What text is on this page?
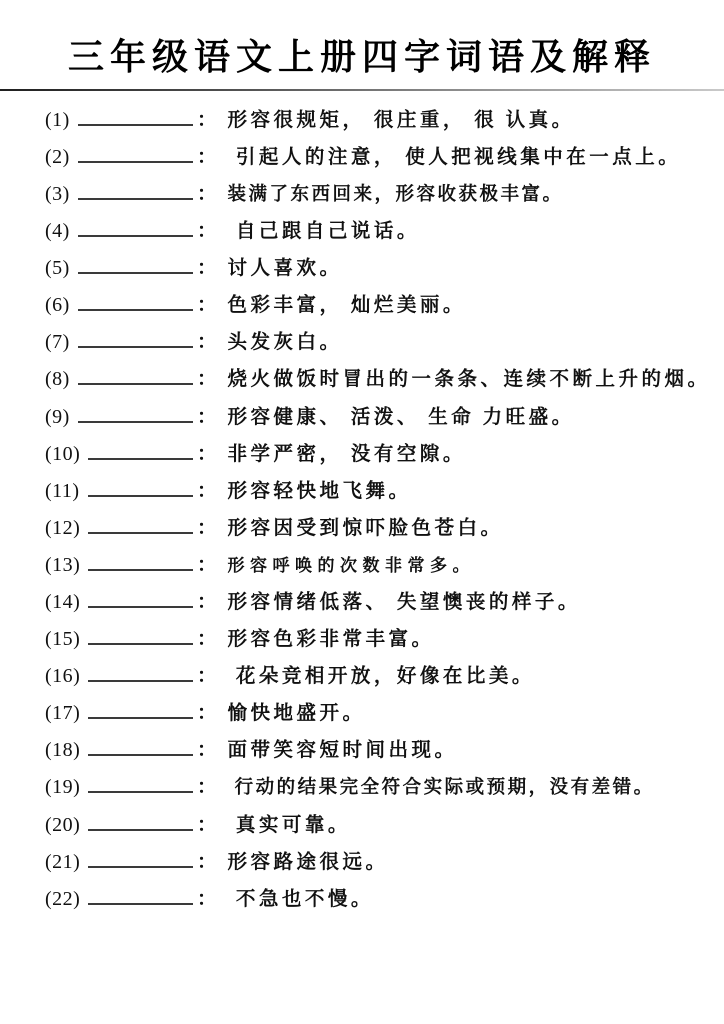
三年级语文上册四字词语及解释
(1)	： 形容很规矩， 很庄重， 很 认真。
(2)	： 引起人的注意， 使人把视线集中在一点上。
(3)	： 装满了东西回来，形容收获极丰富。
(4)	： 自己跟自己说话。
(5)	： 讨人喜欢。
(6)	： 色彩丰富， 灿烂美丽。
(7)	： 头发灰白。
(8)	： 烧火做饭时冒出的一条条、连续不断上升的烟。
(9)	： 形容健康、 活泼、 生命 力旺盛。
(10)	： 非学严密， 没有空隙。
(11)	： 形容轻快地飞舞。
(12)	： 形容因受到惊吓脸色苍白。
(13)	： 形容呼唤的次数非常多。
(14)	： 形容情绪低落、 失望懊丧的样子。
(15)	： 形容色彩非常丰富。
(16)	： 花朵竞相开放，好像在比美。
(17)	： 愉快地盛开。
(18)	： 面带笑容短时间出现。
(19)	： 行动的结果完全符合实际或预期，没有差错。
(20)	： 真实可靠。
(21)	： 形容路途很远。
(22)	： 不急也不慢。
